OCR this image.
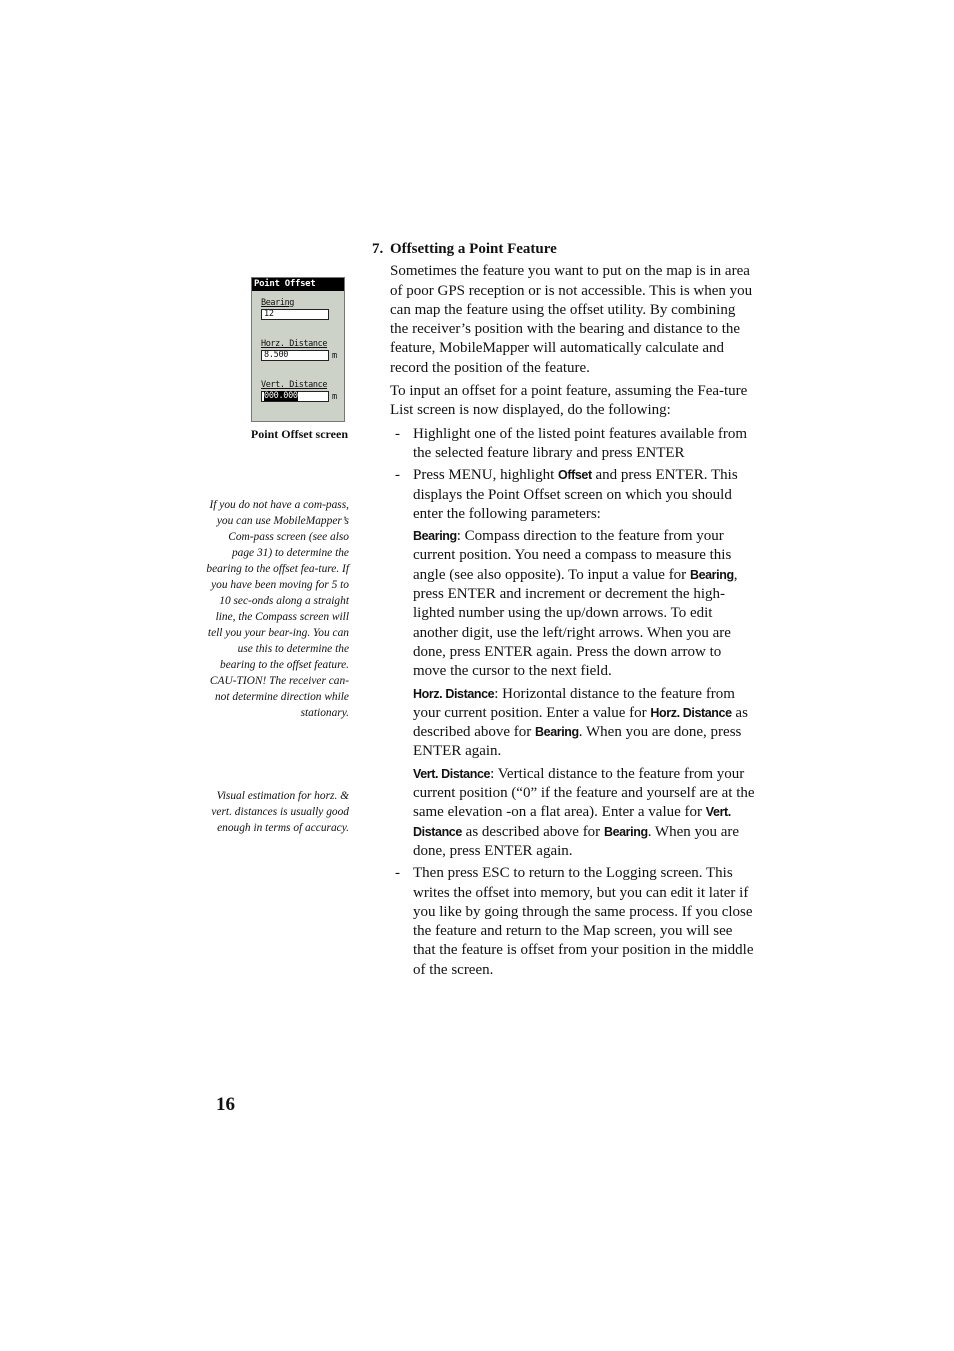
Point Offset
Bearing
12
Horz. Distance
8.500	m
Vert. Distance
000.000	m
Point Offset screen

If you do not have a com-pass, you can use MobileMapper’s Com-pass screen (see also page 31) to determine the bearing to the offset fea-ture. If you have been moving for 5 to 10 sec-onds along a straight line, the Compass screen will tell you your bear-ing. You can use this to determine the bearing to the offset feature. CAU-TION! The receiver can-not determine direction while stationary.

Visual estimation for horz. & vert. distances is usually good enough in terms of accuracy.

7. Offsetting a Point Feature

Sometimes the feature you want to put on the map is in area of poor GPS reception or is not accessible. This is when you can map the feature using the offset utility. By combining the receiver’s position with the bearing and distance to the feature, MobileMapper will automatically calculate and record the position of the feature.

To input an offset for a point feature, assuming the Fea-ture List screen is now displayed, do the following:

- Highlight one of the listed point features available from the selected feature library and press ENTER
- Press MENU, highlight Offset and press ENTER. This displays the Point Offset screen on which you should enter the following parameters:
Bearing: Compass direction to the feature from your current position. You need a compass to measure this angle (see also opposite). To input a value for Bearing, press ENTER and increment or decrement the high-lighted number using the up/down arrows. To edit another digit, use the left/right arrows. When you are done, press ENTER again. Press the down arrow to move the cursor to the next field.
Horz. Distance: Horizontal distance to the feature from your current position. Enter a value for Horz. Distance as described above for Bearing. When you are done, press ENTER again.
Vert. Distance: Vertical distance to the feature from your current position (“0” if the feature and yourself are at the same elevation -on a flat area). Enter a value for Vert. Distance as described above for Bearing. When you are done, press ENTER again.
- Then press ESC to return to the Logging screen. This writes the offset into memory, but you can edit it later if you like by going through the same process. If you close the feature and return to the Map screen, you will see that the feature is offset from your position in the middle of the screen.
16
